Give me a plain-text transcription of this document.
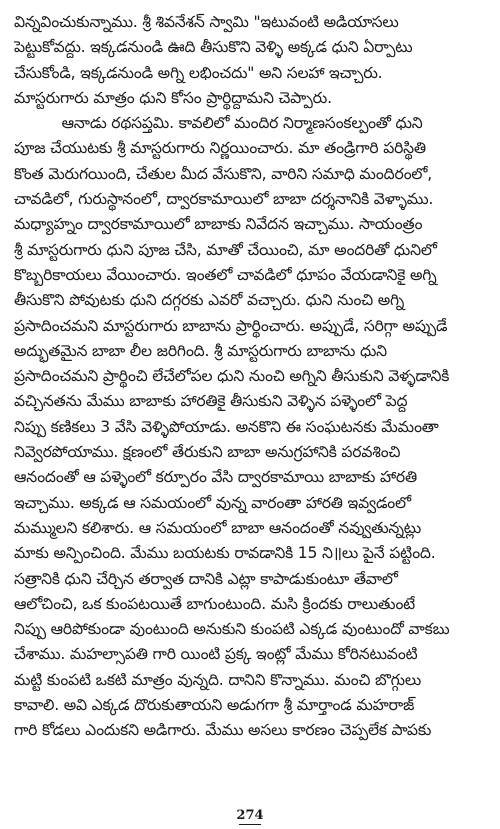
విన్నవించుకున్నాము. శ్రీ శివనేశన్ స్వామి "ఇటువంటి అడియాసలు
పెట్టుకోవద్దు. ఇక్కడనుండి ఊది తీసుకొని వెళ్ళి అక్కడ ధుని ఏర్పాటు
చేసుకోండి, ఇక్కడనుండి అగ్ని లభించదు" అని సలహా ఇచ్చారు.
మాస్టరుగారు మాత్రం ధుని కోసం ప్రార్థిద్దామని చెప్పారు.
ఆనాడు రథసప్తమి. కావలిలో మందిర నిర్మాణసంకల్పంతో ధుని
పూజ చేయుటకు శ్రీ మాస్టరుగారు నిర్ణయించారు. మా తండ్రిగారి పరిస్థితి
కొంత మెరుగయింది, చేతుల మీద వేసుకొని, వారిని సమాధి మందిరంలో,
చావడిలో, గురుస్థానంలో, ద్వారకామాయిలో బాబా దర్శనానికి వెళ్ళాము.
మధ్యాహ్నం ద్వారకామాయిలో బాబాకు నివేదన ఇచ్చాము. సాయంత్రం
శ్రీ మాస్టరుగారు ధుని పూజ చేసి, మాతో చేయించి, మా అందరితో ధునిలో
కొబ్బరికాయలు వేయించారు. ఇంతలో చావడిలో ధూపం వేయడానికై అగ్ని
తీసుకొని పోవుటకు ధుని దగ్గరకు ఎవరో వచ్చారు. ధుని నుంచి అగ్ని
ప్రసాదించమని మాస్టరుగారు బాబాను ప్రార్థించారు. అప్పుడే, సరిగ్గా అప్పుడే
అద్భుతమైన బాబా లీల జరిగింది. శ్రీ మాస్టరుగారు బాబాను ధుని
ప్రసాదించమని ప్రార్థించి లేచేలోపల ధుని నుంచి అగ్నిని తీసుకుని వెళ్ళడానికి
వచ్చినతను మేము బాబాకు హారతికై తీసుకుని వెళ్ళిన పళ్ళెంలో పెద్ద
నిప్పు కణికలు 3 వేసి వెళ్ళిపోయాడు. అనకొని ఈ సంఘటనకు మేమంతా
నివ్వెరపోయాము. క్షణంలో తేరుకుని బాబా అనుగ్రహానికి పరవశించి
ఆనందంతో ఆ పళ్ళెంలో కర్పూరం వేసి ద్వారకామాయి బాబాకు హారతి
ఇచ్చాము. అక్కడ ఆ సమయంలో వున్న వారంతా హారతి ఇవ్వడంలో
మమ్ములని కలిశారు. ఆ సమయంలో బాబా ఆనందంతో నవ్వుతున్నట్లు
మాకు అన్పించింది. మేము బయటకు రావడానికి 15 ని॥లు పైనే పట్టింది.
సత్రానికి ధుని చేర్చిన తర్వాత దానికి ఎట్లా కాపాడుకుంటూ తేవాలో
ఆలోచించి, ఒక కుంపటయితే బాగుంటుంది. మసి క్రిందకు రాలుతుంటే
నిప్పు ఆరిపోకుండా వుంటుంది అనుకుని కుంపటి ఎక్కడ వుంటుందో వాకబు
చేశాము. మహల్సాపతి గారి యింటి ప్రక్క ఇంట్లో మేము కోరినటువంటి
మట్టి కుంపటి ఒకటి మాత్రం వున్నది. దానిని కొన్నాము. మంచి బొగ్గులు
కావాలి. అవి ఎక్కడ దొరుకుతాయని అడుగగా శ్రీ మార్తాండ మహరాజ్
గారి కోడలు ఎందుకని అడిగారు. మేము అసలు కారణం చెప్పలేక పాపకు
274
